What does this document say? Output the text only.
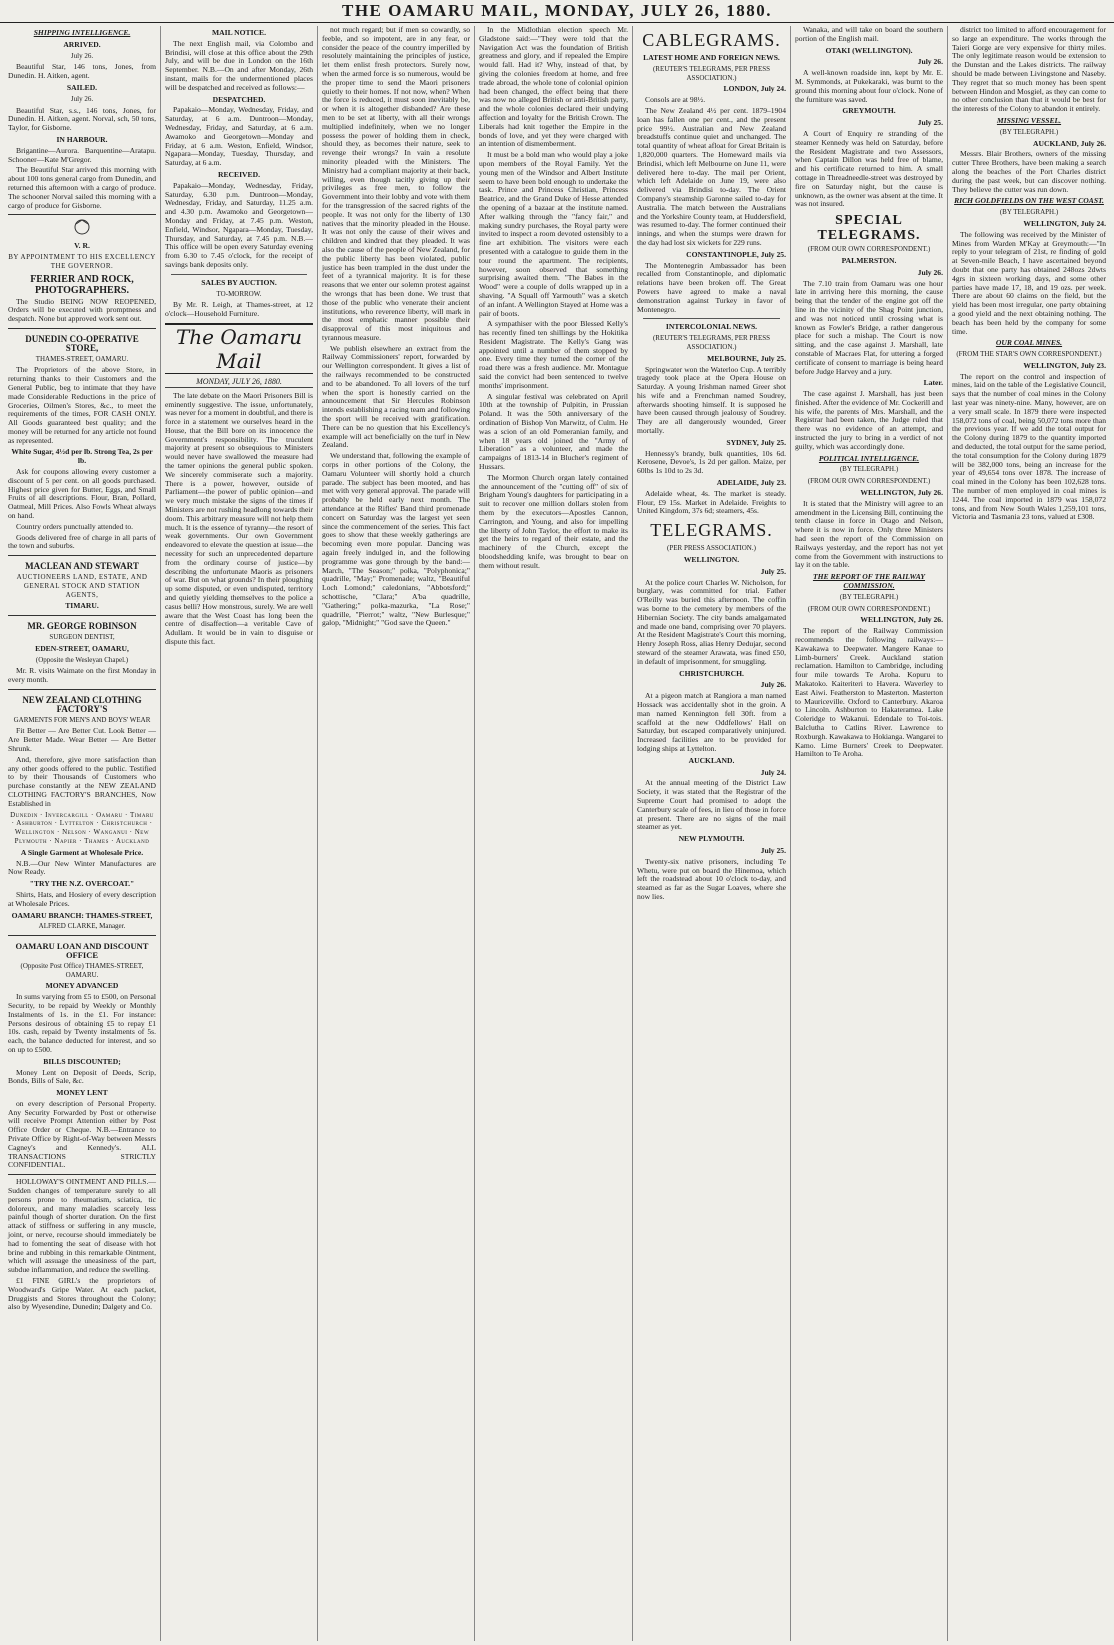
THE OAMARU MAIL, MONDAY, JULY 26, 1880.
SHIPPING INTELLIGENCE.
ARRIVED.
July 26.

Beautiful Star, 146 tons, Jones, from Dunedin. H. Aitken, agent.

SAILED.
July 26.

Beautiful Star, s.s., 146 tons, Jones, for Dunedin. H. Aitken, agent. Norval, sch, 50 tons, Taylor, for Gisborne.

IN HARBOUR.

Brigantine—Aurora. Barquentine—Aratapu. Schooner—Kate M'Gregor.

The Beautiful Star arrived this morning with about 100 tons general cargo from Dunedin, and returned this afternoon with a cargo of produce. The schooner Norval sailed this morning with a cargo of produce for Gisborne.

V. R.
BY APPOINTMENT TO HIS EXCELLENCY THE GOVERNOR.
FERRIER AND ROCK, PHOTOGRAPHERS.

The Studio BEING NOW REOPENED, Orders will be executed with promptness and despatch. None but approved work sent out.

DUNEDIN CO-OPERATIVE STORE,
THAMES-STREET, OAMARU.

The Proprietors of the above Store, in returning thanks to their Customers and the General Public, beg to intimate that they have made Considerable Reductions in the price of Groceries, Oilmen's Stores, &c., to meet the requirements of the times, FOR CASH ONLY. All Goods guaranteed best quality; and the money will be returned for any article not found as represented.

White Sugar, 4½d per lb. Strong Tea, 2s per lb.

Ask for coupons allowing every customer a discount of 5 per cent. on all goods purchased. Highest price given for Butter, Eggs, and Small Fruits of all descriptions. Flour, Bran, Pollard, Oatmeal, Mill Prices. Also Fowls Wheat always on hand.

Country orders punctually attended to.

Goods delivered free of charge in all parts of the town and suburbs.

MACLEAN AND STEWART
AUCTIONEERS LAND, ESTATE, AND GENERAL STOCK AND STATION AGENTS,
TIMARU.
MR. GEORGE ROBINSON
SURGEON DENTIST,
EDEN-STREET, OAMARU,
(Opposite the Wesleyan Chapel.)

Mr. R. visits Waimate on the first Monday in every month.

NEW ZEALAND CLOTHING FACTORY'S
GARMENTS FOR MEN'S AND BOYS' WEAR

Fit Better — Are Better Cut. Look Better — Are Better Made. Wear Better — Are Better Shrunk.

And, therefore, give more satisfaction than any other goods offered to the public. Testified to by their Thousands of Customers who purchase constantly at the NEW ZEALAND CLOTHING FACTORY'S BRANCHES, Now Established in

Dunedin · Invercargill · Oamaru · Timaru · Ashburton · Lyttelton · Christchurch · Wellington · Nelson · Wanganui · New Plymouth · Napier · Thames · Auckland
A Single Garment at Wholesale Price.

N.B.—Our New Winter Manufactures are Now Ready.

"TRY THE N.Z. OVERCOAT."

Shirts, Hats, and Hosiery of every description at Wholesale Prices.

OAMARU BRANCH: THAMES-STREET,
ALFRED CLARKE, Manager.
OAMARU LOAN AND DISCOUNT OFFICE
(Opposite Post Office) THAMES-STREET, OAMARU.
MONEY ADVANCED

In sums varying from £5 to £500, on Personal Security, to be repaid by Weekly or Monthly Instalments of 1s. in the £1. For instance: Persons desirous of obtaining £5 to repay £1 10s. cash, repaid by Twenty instalments of 5s. each, the balance deducted for interest, and so on up to £500.

BILLS DISCOUNTED;

Money Lent on Deposit of Deeds, Scrip, Bonds, Bills of Sale, &c.

MONEY LENT

on every description of Personal Property. Any Security Forwarded by Post or otherwise will receive Prompt Attention either by Post Office Order or Cheque. N.B.—Entrance to Private Office by Right-of-Way between Messrs Cagney's and Kennedy's. ALL TRANSACTIONS STRICTLY CONFIDENTIAL.

HOLLOWAY'S OINTMENT AND PILLS.—Sudden changes of temperature surely to all persons prone to rheumatism, sciatica, tic doloreux, and many maladies scarcely less painful though of shorter duration. On the first attack of stiffness or suffering in any muscle, joint, or nerve, recourse should immediately be had to fomenting the seat of disease with hot brine and rubbing in this remarkable Ointment, which will assuage the uneasiness of the part, subdue inflammation, and reduce the swelling.

£1 FINE GIRL's the proprietors of Woodward's Gripe Water. At each packet, Druggists and Stores throughout the Colony; also by Wyesendine, Dunedin; Dalgety and Co.

MAIL NOTICE.

The next English mail, via Colombo and Brindisi, will close at this office about the 29th July, and will be due in London on the 16th September. N.B.—On and after Monday, 26th instant, mails for the undermentioned places will be despatched and received as follows:—

DESPATCHED.

Papakaio—Monday, Wednesday, Friday, and Saturday, at 6 a.m. Duntroon—Monday, Wednesday, Friday, and Saturday, at 6 a.m. Awamoko and Georgetown—Monday and Friday, at 6 a.m. Weston, Enfield, Windsor, Ngapara—Monday, Tuesday, Thursday, and Saturday, at 6 a.m.

RECEIVED.

Papakaio—Monday, Wednesday, Friday, Saturday, 6.30 p.m. Duntroon—Monday, Wednesday, Friday, and Saturday, 11.25 a.m. and 4.30 p.m. Awamoko and Georgetown—Monday and Friday, at 7.45 p.m. Weston, Enfield, Windsor, Ngapara—Monday, Tuesday, Thursday, and Saturday, at 7.45 p.m. N.B.—This office will be open every Saturday evening from 6.30 to 7.45 o'clock, for the receipt of savings bank deposits only.

SALES BY AUCTION.
TO-MORROW.

By Mr. R. Leigh, at Thames-street, at 12 o'clock—Household Furniture.

The Oamaru Mail
MONDAY, JULY 26, 1880.

The late debate on the Maori Prisoners Bill is eminently suggestive. The issue, unfortunately, was never for a moment in doubtful, and there is force in a statement we ourselves heard in the House, that the Bill bore on its innocence the Government's responsibility. The truculent majority at present so obsequious to Ministers would never have swallowed the measure had the tamer opinions the general public spoken. We sincerely commiserate such a majority. There is a power, however, outside of Parliament—the power of public opinion—and we very much mistake the signs of the times if Ministers are not rushing headlong towards their doom. This arbitrary measure will not help them much. It is the essence of tyranny—the resort of weak governments. Our own Government endeavored to elevate the question at issue—the necessity for such an unprecedented departure from the ordinary course of justice—by describing the unfortunate Maoris as prisoners of war. But on what grounds? In their ploughing up some disputed, or even undisputed, territory and quietly yielding themselves to the police a casus belli? How monstrous, surely. We are well aware that the West Coast has long been the centre of disaffection—a veritable Cave of Adullam. It would be in vain to disguise or dispute this fact.

not much regard; but if men so cowardly, so feeble, and so impotent, are in any fear, or consider the peace of the country imperilled by resolutely maintaining the principles of justice, let them enlist fresh protectors. Surely now, when the armed force is so numerous, would be the proper time to send the Maori prisoners quietly to their homes. If not now, when? When the force is reduced, it must soon inevitably be, or when it is altogether disbanded? Are these men to be set at liberty, with all their wrongs multiplied indefinitely, when we no longer possess the power of holding them in check, should they, as becomes their nature, seek to revenge their wrongs? In vain a resolute minority pleaded with the Ministers. The Ministry had a compliant majority at their back, willing, even though tacitly giving up their privileges as free men, to follow the Government into their lobby and vote with them for the transgression of the sacred rights of the people. It was not only for the liberty of 130 natives that the minority pleaded in the House. It was not only the cause of their wives and children and kindred that they pleaded. It was also the cause of the people of New Zealand, for the public liberty has been violated, public justice has been trampled in the dust under the feet of a tyrannical majority. It is for these reasons that we enter our solemn protest against the wrongs that has been done. We trust that those of the public who venerate their ancient institutions, who reverence liberty, will mark in the most emphatic manner possible their disapproval of this most iniquitous and tyrannous measure.

We publish elsewhere an extract from the Railway Commissioners' report, forwarded by our Wellington correspondent. It gives a list of the railways recommended to be constructed and to be abandoned. To all lovers of the turf when the sport is honestly carried on the announcement that Sir Hercules Robinson intends establishing a racing team and following the sport will be received with gratification. There can be no question that his Excellency's example will act beneficially on the turf in New Zealand.

We understand that, following the example of corps in other portions of the Colony, the Oamaru Volunteer will shortly hold a church parade. The subject has been mooted, and has met with very general approval. The parade will probably be held early next month. The attendance at the Rifles' Band third promenade concert on Saturday was the largest yet seen since the commencement of the series. This fact goes to show that these weekly gatherings are becoming even more popular. Dancing was again freely indulged in, and the following programme was gone through by the band:—March, "The Season;" polka, "Polyphonica;" quadrille, "May;" Promenade; waltz, "Beautiful Loch Lomond;" caledonians, "Abbotsford;" schottische, "Clara;" A'ba quadrille, "Gathering;" polka-mazurka, "La Rose;" quadrille, "Pierrot;" waltz, "New Burlesque;" galop, "Midnight;" "God save the Queen."

In the Midlothian election speech Mr. Gladstone said:—"They were told that the Navigation Act was the foundation of British greatness and glory, and if repealed the Empire would fall. Had it? Why, instead of that, by giving the colonies freedom at home, and free trade abroad, the whole tone of colonial opinion had been changed, the effect being that there was now no alleged British or anti-British party, and the whole colonies declared their undying affection and loyalty for the British Crown. The Liberals had knit together the Empire in the bonds of love, and yet they were charged with an intention of dismemberment.

It must be a bold man who would play a joke upon members of the Royal Family. Yet the young men of the Windsor and Albert Institute seem to have been bold enough to undertake the task. Prince and Princess Christian, Princess Beatrice, and the Grand Duke of Hesse attended the opening of a bazaar at the institute named. After walking through the "fancy fair," and making sundry purchases, the Royal party were invited to inspect a room devoted ostensibly to a fine art exhibition. The visitors were each presented with a catalogue to guide them in the tour round the apartment. The recipients, however, soon observed that something surprising awaited them. "The Babes in the Wood" were a couple of dolls wrapped up in a shaving. "A Squall off Yarmouth" was a sketch of an infant. A Wellington Stayed at Home was a pair of boots.

A sympathiser with the poor Blessed Kelly's has recently fined ten shillings by the Hokitika Resident Magistrate. The Kelly's Gang was appointed until a number of them stopped by one. Every time they turned the corner of the road there was a fresh audience. Mr. Montague said the convict had been sentenced to twelve months' imprisonment.

A singular festival was celebrated on April 10th at the township of Pulpitin, in Prussian Poland. It was the 50th anniversary of the ordination of Bishop Von Marwitz, of Culm. He was a scion of an old Pomeranian family, and when 18 years old joined the "Army of Liberation" as a volunteer, and made the campaigns of 1813-14 in Blucher's regiment of Hussars.

The Mormon Church organ lately contained the announcement of the "cutting off" of six of Brigham Young's daughters for participating in a suit to recover one million dollars stolen from them by the executors—Apostles Cannon, Carrington, and Young, and also for impelling the liberty of John Taylor, the effort to make its get the heirs to regard of their estate, and the machinery of the Church, except the bloodshedding knife, was brought to bear on them without result.

CABLEGRAMS.
LATEST HOME AND FOREIGN NEWS.
(REUTER'S TELEGRAMS, PER PRESS ASSOCIATION.)
LONDON, July 24.

Consols are at 98½.

The New Zealand 4½ per cent. 1879–1904 loan has fallen one per cent., and the present price 99½. Australian and New Zealand breadstuffs continue quiet and unchanged. The total quantity of wheat afloat for Great Britain is 1,820,000 quarters. The Homeward mails via Brindisi, which left Melbourne on June 11, were delivered here to-day. The mail per Orient, which left Adelaide on June 19, were also delivered via Brindisi to-day. The Orient Company's steamship Garonne sailed to-day for Australia. The match between the Australians and the Yorkshire County team, at Huddersfield, was resumed to-day. The former continued their innings, and when the stumps were drawn for the day had lost six wickets for 229 runs.

CONSTANTINOPLE, July 25.

The Montenegrin Ambassador has been recalled from Constantinople, and diplomatic relations have been broken off. The Great Powers have agreed to make a naval demonstration against Turkey in favor of Montenegro.

INTERCOLONIAL NEWS.
(REUTER'S TELEGRAMS, PER PRESS ASSOCIATION.)
MELBOURNE, July 25.

Springwater won the Waterloo Cup. A terribly tragedy took place at the Opera House on Saturday. A young Irishman named Greer shot his wife and a Frenchman named Soudrey, afterwards shooting himself. It is supposed he have been caused through jealousy of Soudrey. They are all dangerously wounded, Greer mortally.

SYDNEY, July 25.

Hennessy's brandy, bulk quantities, 10s 6d. Kerosene, Devoe's, 1s 2d per gallon. Maize, per 60lbs 1s 10d to 2s 3d.

ADELAIDE, July 23.

Adelaide wheat, 4s. The market is steady. Flour, £9 15s. Market in Adelaide. Freights to United Kingdom, 37s 6d; steamers, 45s.

TELEGRAMS.
(PER PRESS ASSOCIATION.)
WELLINGTON.
July 25.

At the police court Charles W. Nicholson, for burglary, was committed for trial. Father O'Reilly was buried this afternoon. The coffin was borne to the cemetery by members of the Hibernian Society. The city bands amalgamated and made one band, comprising over 70 players. At the Resident Magistrate's Court this morning, Henry Joseph Ross, alias Henry Dedujar, second steward of the steamer Arawata, was fined £50, in default of imprisonment, for smuggling.

CHRISTCHURCH.
July 26.

At a pigeon match at Rangiora a man named Hossack was accidentally shot in the groin. A man named Kennington fell 30ft. from a scaffold at the new Oddfellows' Hall on Saturday, but escaped comparatively uninjured. Increased facilities are to be provided for lodging ships at Lyttelton.

AUCKLAND.
July 24.

At the annual meeting of the District Law Society, it was stated that the Registrar of the Supreme Court had promised to adopt the Canterbury scale of fees, in lieu of those in force at present. There are no signs of the mail steamer as yet.

NEW PLYMOUTH.
July 25.

Twenty-six native prisoners, including Te Whetu, were put on board the Hinemoa, which left the roadstead about 10 o'clock to-day, and steamed as far as the Sugar Loaves, where she now lies.

Wanaka, and will take on board the southern portion of the English mail.

OTAKI (WELLINGTON).
July 26.

A well-known roadside inn, kept by Mr. E. M. Symmonds, at Pukekaraki, was burnt to the ground this morning about four o'clock. None of the furniture was saved.

GREYMOUTH.
July 25.

A Court of Enquiry re stranding of the steamer Kennedy was held on Saturday, before the Resident Magistrate and two Assessors, when Captain Dillon was held free of blame, and his certificate returned to him. A small cottage in Threadneedle-street was destroyed by fire on Saturday night, but the cause is unknown, as the owner was absent at the time. It was not insured.

SPECIAL TELEGRAMS.
(FROM OUR OWN CORRESPONDENT.)
PALMERSTON.
July 26.

The 7.10 train from Oamaru was one hour late in arriving here this morning, the cause being that the tender of the engine got off the line in the vicinity of the Shag Point junction, and was not noticed until crossing what is known as Fowler's Bridge, a rather dangerous place for such a mishap. The Court is now sitting, and the case against J. Marshall, late constable of Macraes Flat, for uttering a forged certificate of consent to marriage is being heard before Judge Harvey and a jury.

Later.

The case against J. Marshall, has just been finished. After the evidence of Mr. Cockerill and his wife, the parents of Mrs. Marshall, and the Registrar had been taken, the Judge ruled that there was no evidence of an attempt, and instructed the jury to bring in a verdict of not guilty, which was accordingly done.

POLITICAL INTELLIGENCE.
(BY TELEGRAPH.)
(FROM OUR OWN CORRESPONDENT.)
WELLINGTON, July 26.

It is stated that the Ministry will agree to an amendment in the Licensing Bill, continuing the tenth clause in force in Otago and Nelson, where it is now in force. Only three Ministers had seen the report of the Commission on Railways yesterday, and the report has not yet come from the Government with instructions to lay it on the table.

THE REPORT OF THE RAILWAY COMMISSION.
(BY TELEGRAPH.)
(FROM OUR OWN CORRESPONDENT.)
WELLINGTON, July 26.

The report of the Railway Commission recommends the following railways:— Kawakawa to Deepwater. Mangere Kanae to Limb-burners' Creek. Auckland station reclamation. Hamilton to Cambridge, including four mile towards Te Aroha. Kopuru to Makatoko. Kaiteriteri to Havera. Waverley to East Aiwi. Featherston to Masterton. Masterton to Mauriceville. Oxford to Canterbury. Akaroa to Lincoln. Ashburton to Hakateramea. Lake Coleridge to Wakanui. Edendale to Toi-tois. Balclutha to Catlins River. Lawrence to Roxburgh. Kawakawa to Hokianga. Wangarei to Kamo. Lime Burners' Creek to Deepwater. Hamilton to Te Aroha.

district too limited to afford encouragement for so large an expenditure. The works through the Taieri Gorge are very expensive for thirty miles. The only legitimate reason would be extension to the Dunstan and the Lakes districts. The railway should be made between Livingstone and Naseby. They regret that so much money has been spent between Hindon and Mosgiel, as they can come to no other conclusion than that it would be best for the interests of the Colony to abandon it entirely.

MISSING VESSEL.
(BY TELEGRAPH.)
AUCKLAND, July 26.

Messrs. Blair Brothers, owners of the missing cutter Three Brothers, have been making a search along the beaches of the Port Charles district during the past week, but can discover nothing. They believe the cutter was run down.

RICH GOLDFIELDS ON THE WEST COAST.
(BY TELEGRAPH.)
WELLINGTON, July 24.

The following was received by the Minister of Mines from Warden M'Kay at Greymouth:—"In reply to your telegram of 21st, re finding of gold at Seven-mile Beach, I have ascertained beyond doubt that one party has obtained 248ozs 2dwts 4grs in sixteen working days, and some other parties have made 17, 18, and 19 ozs. per week. There are about 60 claims on the field, but the yield has been most irregular, one party obtaining a good yield and the next obtaining nothing. The beach has been held by the company for some time.

OUR COAL MINES.
(FROM THE STAR'S OWN CORRESPONDENT.)
WELLINGTON, July 23.

The report on the control and inspection of mines, laid on the table of the Legislative Council, says that the number of coal mines in the Colony last year was ninety-nine. Many, however, are on a very small scale. In 1879 there were inspected 158,072 tons of coal, being 50,072 tons more than the previous year. If we add the total output for the Colony during 1879 to the quantity imported and deducted, the total output for the same period, the total consumption for the Colony during 1879 will be 382,000 tons, being an increase for the year of 49,654 tons over 1878. The increase of coal mined in the Colony has been 102,628 tons. The number of men employed in coal mines is 1244. The coal imported in 1879 was 158,072 tons, and from New South Wales 1,259,101 tons, Victoria and Tasmania 23 tons, valued at £308.
